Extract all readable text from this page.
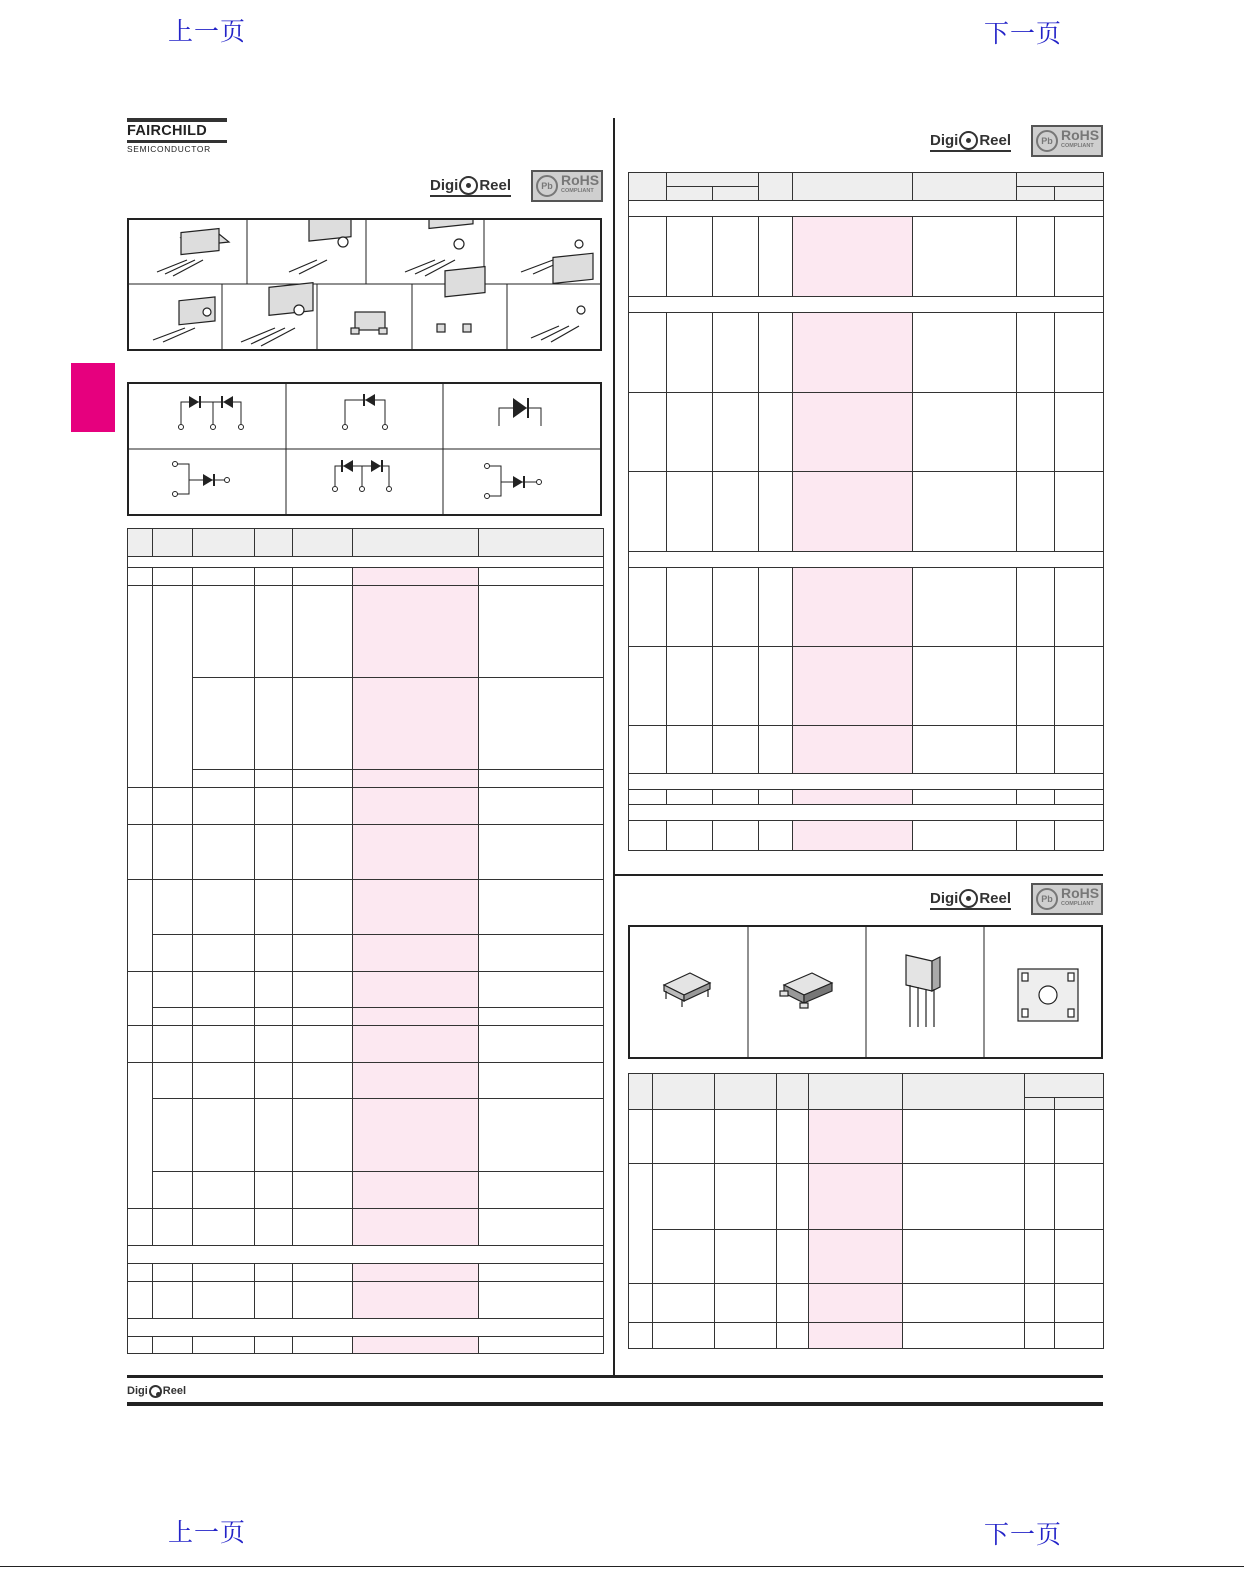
上一页	下一页
FAIRCHILD
SEMICONDUCTOR
Digi Reel	Pb RoHS
COMPLIANT
Digi Reel	Pb RoHS
COMPLIANT
Digi Reel	Pb RoHS
COMPLIANT

Digi Reel
上一页	下一页
